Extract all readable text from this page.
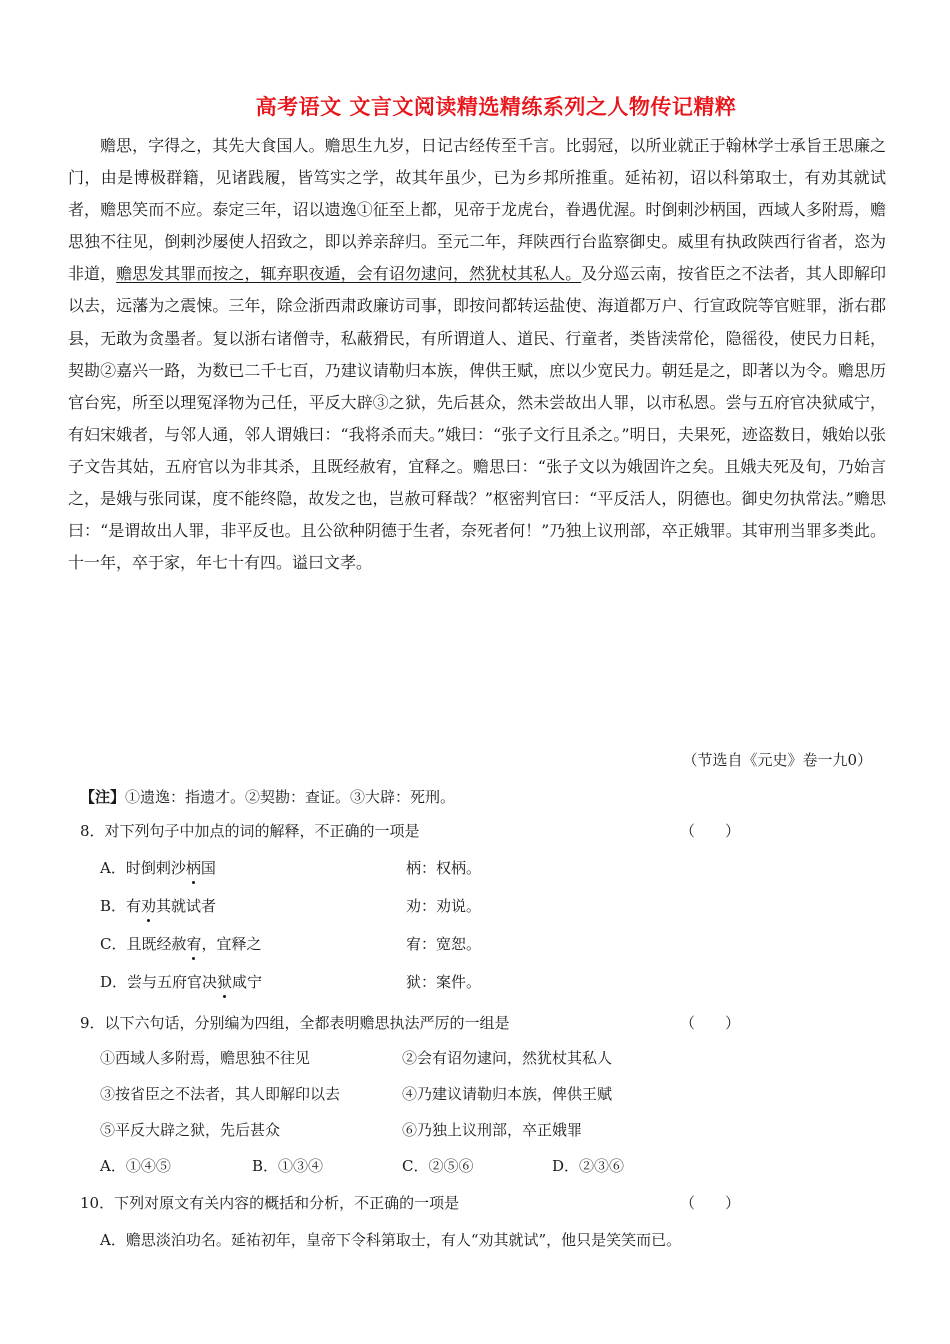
高考语文 文言文阅读精选精练系列之人物传记精粹

赡思，字得之，其先大食国人。赡思生九岁，日记古经传至千言。比弱冠，以所业就正于翰林学士承旨王思廉之门，由是博极群籍，见诸践履，皆笃实之学，故其年虽少，已为乡邦所推重。延祐初，诏以科第取士，有劝其就试者，赡思笑而不应。泰定三年，诏以遗逸①征至上都，见帝于龙虎台，眷遇优渥。时倒剌沙柄国，西域人多附焉，赡思独不往见，倒剌沙屡使人招致之，即以养亲辞归。至元二年，拜陕西行台监察御史。威里有执政陕西行省者，恣为非道，赡思发其罪而按之，辄弃职夜遁，会有诏勿逮问，然犹杖其私人。及分巡云南，按省臣之不法者，其人即解印以去，远藩为之震悚。三年，除佥浙西肃政廉访司事，即按问都转运盐使、海道都万户、行宣政院等官赃罪，浙右郡县，无敢为贪墨者。复以浙右诸僧寺，私蔽猾民，有所谓道人、道民、行童者，类皆渎常伦，隐徭役，使民力日耗，契勘②嘉兴一路，为数已二千七百，乃建议请勒归本族，俾供王赋，庶以少宽民力。朝廷是之，即著以为令。赡思历官台宪，所至以理冤泽物为己任，平反大辟③之狱，先后甚众，然未尝故出人罪，以市私恩。尝与五府官决狱咸宁，有妇宋娥者，与邻人通，邻人谓娥曰：“我将杀而夫。”娥曰：“张子文行且杀之。”明日，夫果死，迹盗数日，娥始以张子文告其姑，五府官以为非其杀，且既经赦宥，宜释之。赡思曰：“张子文以为娥固许之矣。且娥夫死及旬，乃始言之，是娥与张同谋，度不能终隐，故发之也，岂赦可释哉？”枢密判官曰：“平反活人，阴德也。御史勿执常法。”赡思曰：“是谓故出人罪，非平反也。且公欲种阴德于生者，奈死者何！”乃独上议刑部，卒正娥罪。其审刑当罪多类此。十一年，卒于家，年七十有四。谥曰文孝。

（节选自《元史》卷一九0）
【注】①遗逸：指遗才。②契勘：查证。③大辟：死刑。
8．对下列句子中加点的词的解释，不正确的一项是	（　　）
A．时倒剌沙柄国	柄：权柄。
B．有劝其就试者	劝：劝说。
C．且既经赦宥，宜释之	宥：宽恕。
D．尝与五府官决狱咸宁	狱：案件。
9．以下六句话，分别编为四组，全都表明赡思执法严厉的一组是	（　　）
①西域人多附焉，赡思独不往见	②会有诏勿逮问，然犹杖其私人
③按省臣之不法者，其人即解印以去	④乃建议请勒归本族，俾供王赋
⑤平反大辟之狱，先后甚众	⑥乃独上议刑部，卒正娥罪
A．①④⑤	B．①③④	C．②⑤⑥	D．②③⑥
10．下列对原文有关内容的概括和分析，不正确的一项是	（　　）
A．赡思淡泊功名。延祐初年，皇帝下令科第取士，有人“劝其就试”，他只是笑笑而已。
